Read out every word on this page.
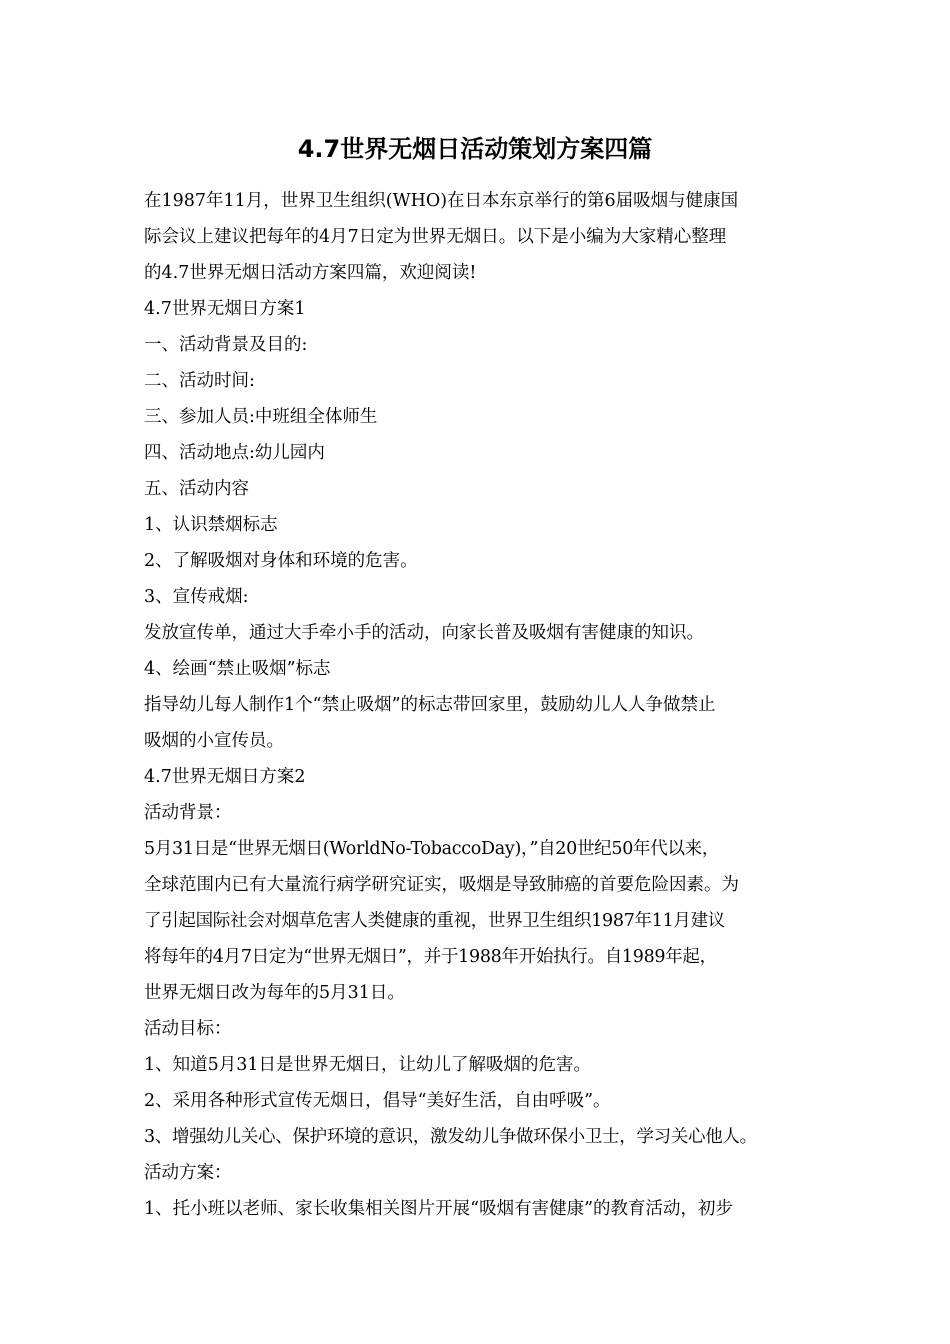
4.7世界无烟日活动策划方案四篇
在1987年11月，世界卫生组织(WHO)在日本东京举行的第6届吸烟与健康国
际会议上建议把每年的4月7日定为世界无烟日。以下是小编为大家精心整理
的4.7世界无烟日活动方案四篇，欢迎阅读!
4.7世界无烟日方案1
一、活动背景及目的:
二、活动时间:
三、参加人员:中班组全体师生
四、活动地点:幼儿园内
五、活动内容
1、认识禁烟标志
2、了解吸烟对身体和环境的危害。
3、宣传戒烟:
发放宣传单，通过大手牵小手的活动，向家长普及吸烟有害健康的知识。
4、绘画“禁止吸烟”标志
指导幼儿每人制作1个“禁止吸烟”的标志带回家里，鼓励幼儿人人争做禁止
吸烟的小宣传员。
4.7世界无烟日方案2
活动背景：
5月31日是“世界无烟日(WorldNo-TobaccoDay)，”自20世纪50年代以来，
全球范围内已有大量流行病学研究证实，吸烟是导致肺癌的首要危险因素。为
了引起国际社会对烟草危害人类健康的重视，世界卫生组织1987年11月建议
将每年的4月7日定为“世界无烟日”，并于1988年开始执行。自1989年起，
世界无烟日改为每年的5月31日。
活动目标：
1、知道5月31日是世界无烟日，让幼儿了解吸烟的危害。
2、采用各种形式宣传无烟日，倡导“美好生活，自由呼吸”。
3、增强幼儿关心、保护环境的意识，激发幼儿争做环保小卫士，学习关心他人。
活动方案：
1、托小班以老师、家长收集相关图片开展“吸烟有害健康”的教育活动，初步
